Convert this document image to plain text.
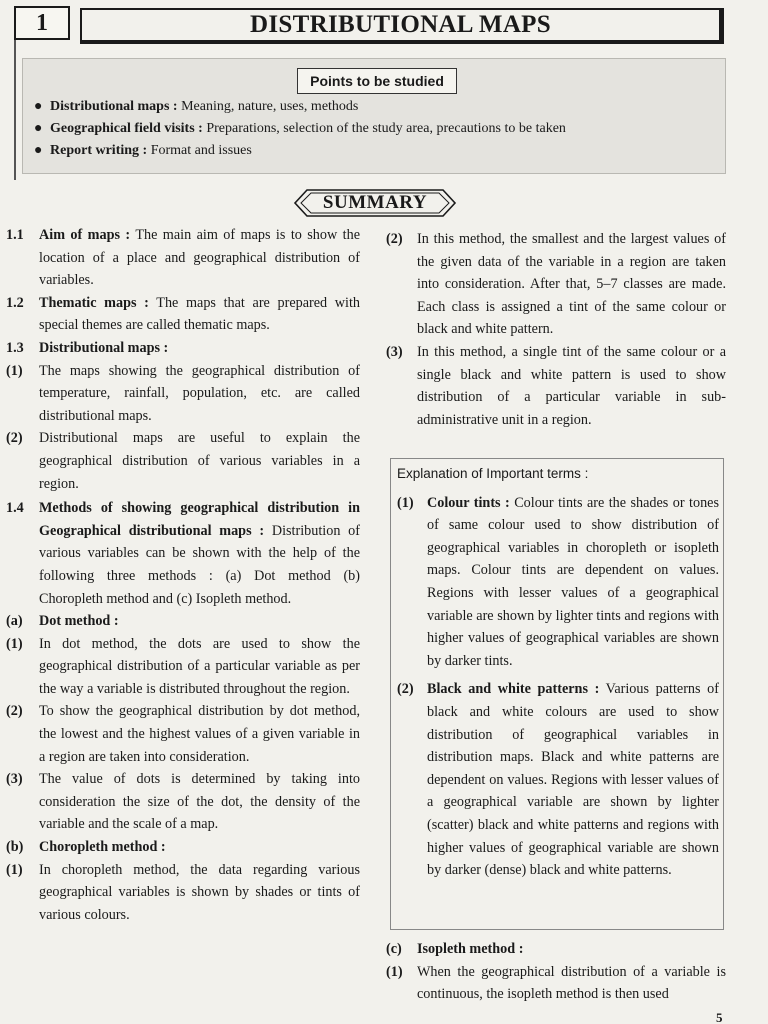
1	DISTRIBUTIONAL MAPS
Points to be studied
● Distributional maps : Meaning, nature, uses, methods
● Geographical field visits : Preparations, selection of the study area, precautions to be taken
● Report writing : Format and issues
SUMMARY
1.1	Aim of maps : The main aim of maps is to show the location of a place and geographical distribution of variables.
1.2	Thematic maps : The maps that are prepared with special themes are called thematic maps.
1.3	Distributional maps :
(1)	The maps showing the geographical distribution of temperature, rainfall, population, etc. are called distributional maps.
(2)	Distributional maps are useful to explain the geographical distribution of various variables in a region.
1.4	Methods of showing geographical distribution in Geographical distributional maps : Distribution of various variables can be shown with the help of the following three methods : (a) Dot method (b) Choropleth method and (c) Isopleth method.
(a)	Dot method :
(1)	In dot method, the dots are used to show the geographical distribution of a particular variable as per the way a variable is distributed throughout the region.
(2)	To show the geographical distribution by dot method, the lowest and the highest values of a given variable in a region are taken into consideration.
(3)	The value of dots is determined by taking into consideration the size of the dot, the density of the variable and the scale of a map.
(b)	Choropleth method :
(1)	In choropleth method, the data regarding various geographical variables is shown by shades or tints of various colours.
(2)	In this method, the smallest and the largest values of the given data of the variable in a region are taken into consideration. After that, 5–7 classes are made. Each class is assigned a tint of the same colour or black and white pattern.
(3)	In this method, a single tint of the same colour or a single black and white pattern is used to show distribution of a particular variable in sub-administrative unit in a region.
Explanation of Important terms :
(1) Colour tints : Colour tints are the shades or tones of same colour used to show distribution of geographical variables in choropleth or isopleth maps. Colour tints are dependent on values. Regions with lesser values of a geographical variable are shown by lighter tints and regions with higher values of geographical variables are shown by darker tints.
(2) Black and white patterns : Various patterns of black and white colours are used to show distribution of geographical variables in distribution maps. Black and white patterns are dependent on values. Regions with lesser values of a geographical variable are shown by lighter (scatter) black and white patterns and regions with higher values of geographical variable are shown by darker (dense) black and white patterns.
(c)	Isopleth method :
(1)	When the geographical distribution of a variable is continuous, the isopleth method is then used
5
